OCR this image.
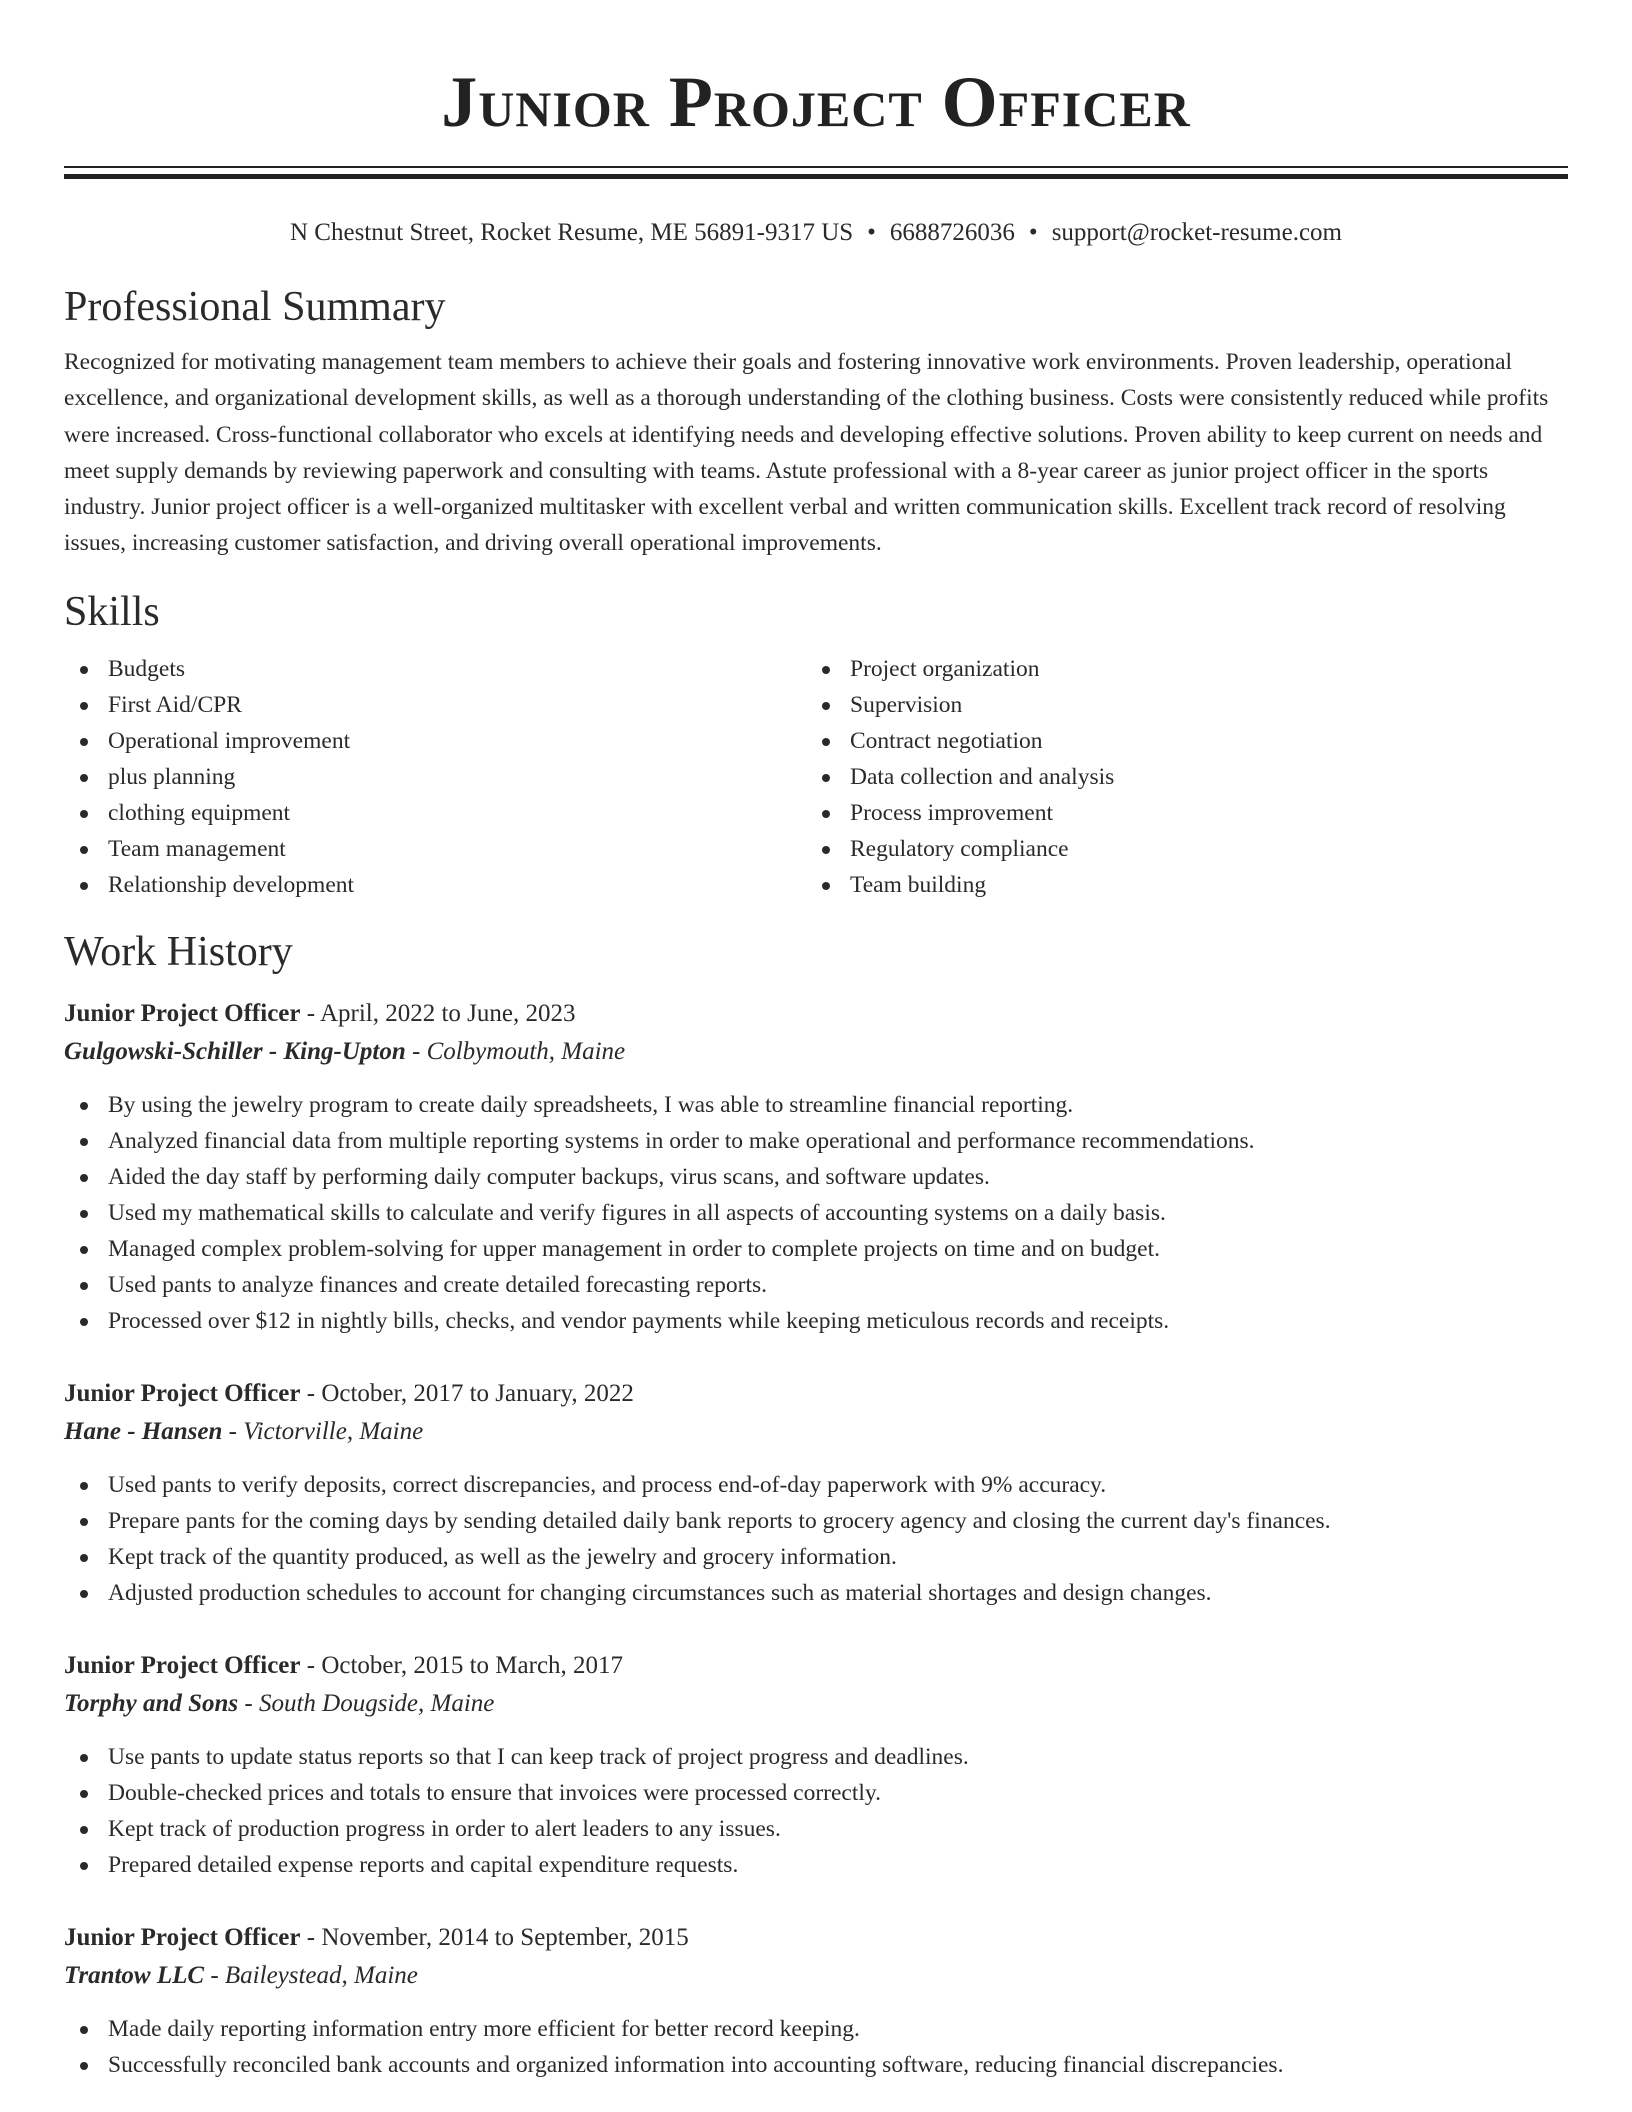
Junior Project Officer
N Chestnut Street, Rocket Resume, ME 56891-9317 US • 6688726036 • support@rocket-resume.com
Professional Summary

Recognized for motivating management team members to achieve their goals and fostering innovative work environments. Proven leadership, operational excellence, and organizational development skills, as well as a thorough understanding of the clothing business. Costs were consistently reduced while profits were increased. Cross-functional collaborator who excels at identifying needs and developing effective solutions. Proven ability to keep current on needs and meet supply demands by reviewing paperwork and consulting with teams. Astute professional with a 8-year career as junior project officer in the sports industry. Junior project officer is a well-organized multitasker with excellent verbal and written communication skills. Excellent track record of resolving issues, increasing customer satisfaction, and driving overall operational improvements.

Skills
Budgets
First Aid/CPR
Operational improvement
plus planning
clothing equipment
Team management
Relationship development
Project organization
Supervision
Contract negotiation
Data collection and analysis
Process improvement
Regulatory compliance
Team building
Work History
Junior Project Officer - April, 2022 to June, 2023
Gulgowski-Schiller - King-Upton - Colbymouth, Maine
By using the jewelry program to create daily spreadsheets, I was able to streamline financial reporting.
Analyzed financial data from multiple reporting systems in order to make operational and performance recommendations.
Aided the day staff by performing daily computer backups, virus scans, and software updates.
Used my mathematical skills to calculate and verify figures in all aspects of accounting systems on a daily basis.
Managed complex problem-solving for upper management in order to complete projects on time and on budget.
Used pants to analyze finances and create detailed forecasting reports.
Processed over $12 in nightly bills, checks, and vendor payments while keeping meticulous records and receipts.
Junior Project Officer - October, 2017 to January, 2022
Hane - Hansen - Victorville, Maine
Used pants to verify deposits, correct discrepancies, and process end-of-day paperwork with 9% accuracy.
Prepare pants for the coming days by sending detailed daily bank reports to grocery agency and closing the current day's finances.
Kept track of the quantity produced, as well as the jewelry and grocery information.
Adjusted production schedules to account for changing circumstances such as material shortages and design changes.
Junior Project Officer - October, 2015 to March, 2017
Torphy and Sons - South Dougside, Maine
Use pants to update status reports so that I can keep track of project progress and deadlines.
Double-checked prices and totals to ensure that invoices were processed correctly.
Kept track of production progress in order to alert leaders to any issues.
Prepared detailed expense reports and capital expenditure requests.
Junior Project Officer - November, 2014 to September, 2015
Trantow LLC - Baileystead, Maine
Made daily reporting information entry more efficient for better record keeping.
Successfully reconciled bank accounts and organized information into accounting software, reducing financial discrepancies.
